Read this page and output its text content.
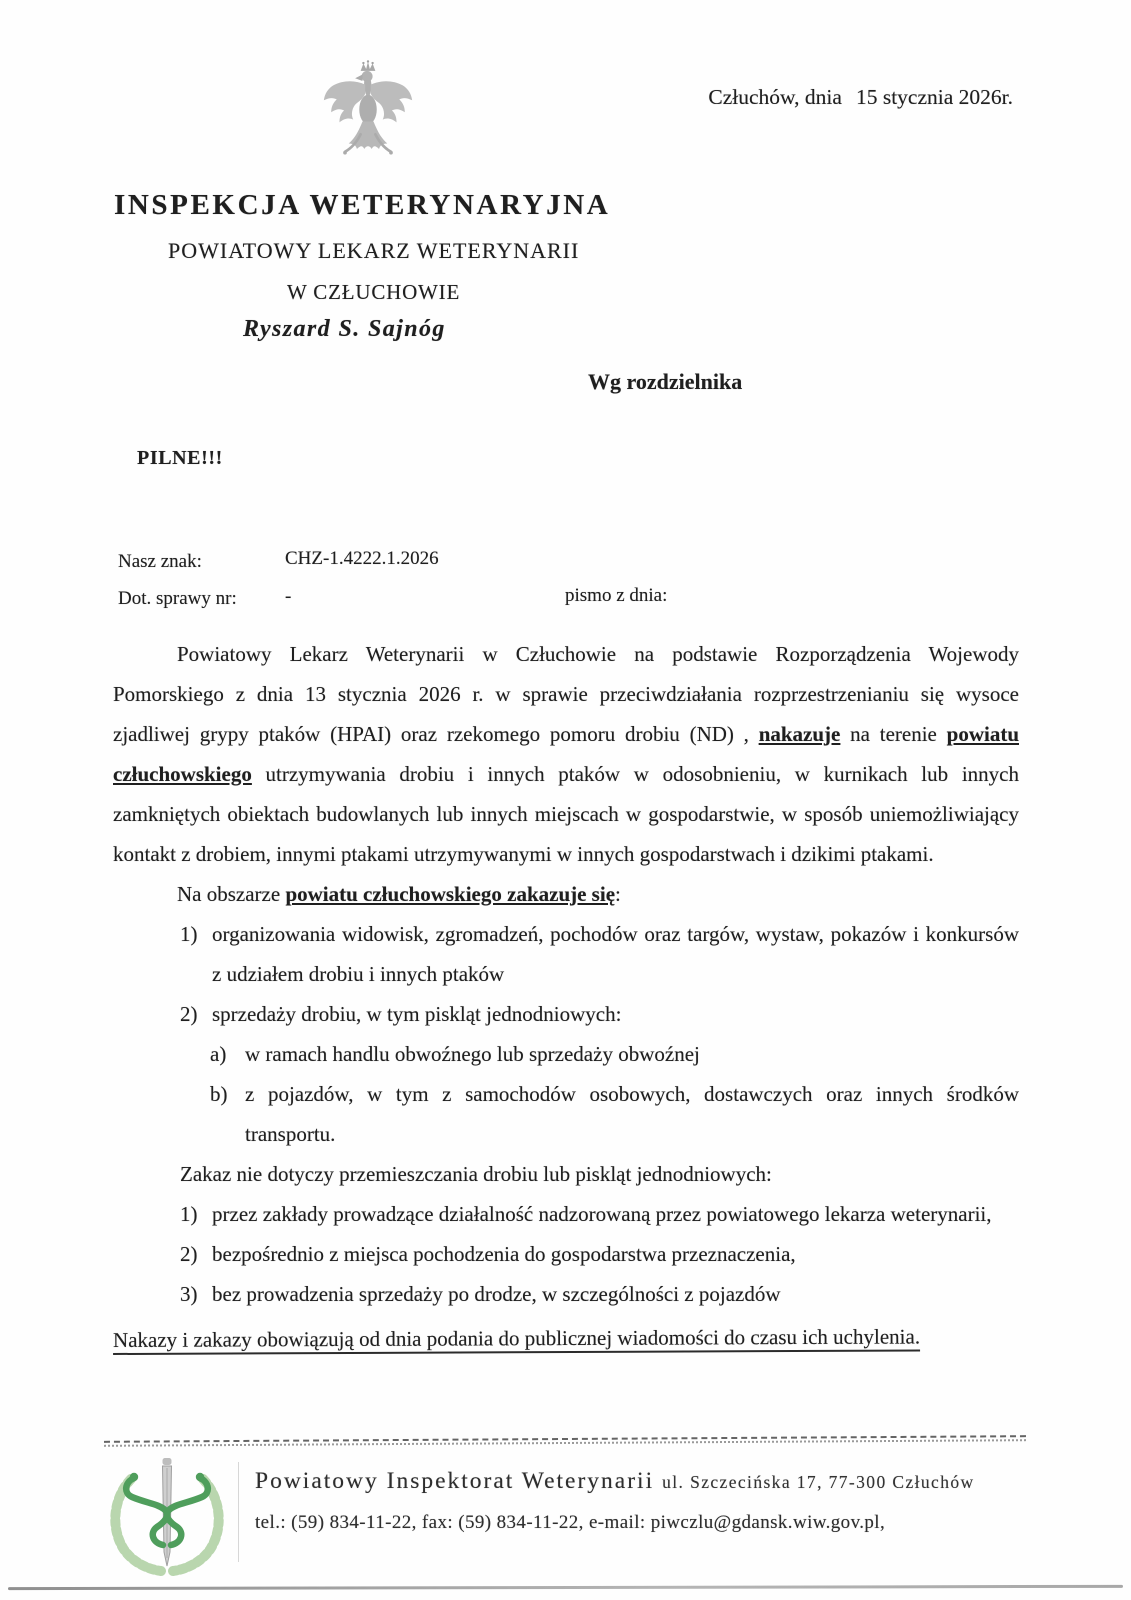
Człuchów, dnia 15 stycznia 2026r.
INSPEKCJA WETERYNARYJNA
POWIATOWY LEKARZ WETERYNARII
W CZŁUCHOWIE
Ryszard S. Sajnóg
Wg rozdzielnika
PILNE!!!
Nasz znak:	CHZ-1.4222.1.2026
Dot. sprawy nr:	-	pismo z dnia:
Powiatowy Lekarz Weterynarii w Człuchowie na podstawie Rozporządzenia Wojewody Pomorskiego z dnia 13 stycznia 2026 r. w sprawie przeciwdziałania rozprzestrzenianiu się wysoce zjadliwej grypy ptaków (HPAI) oraz rzekomego pomoru drobiu (ND) , nakazuje na terenie powiatu człuchowskiego utrzymywania drobiu i innych ptaków w odosobnieniu, w kurnikach lub innych zamkniętych obiektach budowlanych lub innych miejscach w gospodarstwie, w sposób uniemożliwiający kontakt z drobiem, innymi ptakami utrzymywanymi w innych gospodarstwach i dzikimi ptakami.
Na obszarze powiatu człuchowskiego zakazuje się:
1) organizowania widowisk, zgromadzeń, pochodów oraz targów, wystaw, pokazów i konkursów z udziałem drobiu i innych ptaków
2) sprzedaży drobiu, w tym piskląt jednodniowych:
a) w ramach handlu obwoźnego lub sprzedaży obwoźnej
b) z pojazdów, w tym z samochodów osobowych, dostawczych oraz innych środków transportu.
Zakaz nie dotyczy przemieszczania drobiu lub piskląt jednodniowych:
1) przez zakłady prowadzące działalność nadzorowaną przez powiatowego lekarza weterynarii,
2) bezpośrednio z miejsca pochodzenia do gospodarstwa przeznaczenia,
3) bez prowadzenia sprzedaży po drodze, w szczególności z pojazdów
Nakazy i zakazy obowiązują od dnia podania do publicznej wiadomości do czasu ich uchylenia.
Powiatowy Inspektorat Weterynarii ul. Szczecińska 17, 77-300 Człuchów
tel.: (59) 834-11-22, fax: (59) 834-11-22, e-mail: piwczlu@gdansk.wiw.gov.pl,
